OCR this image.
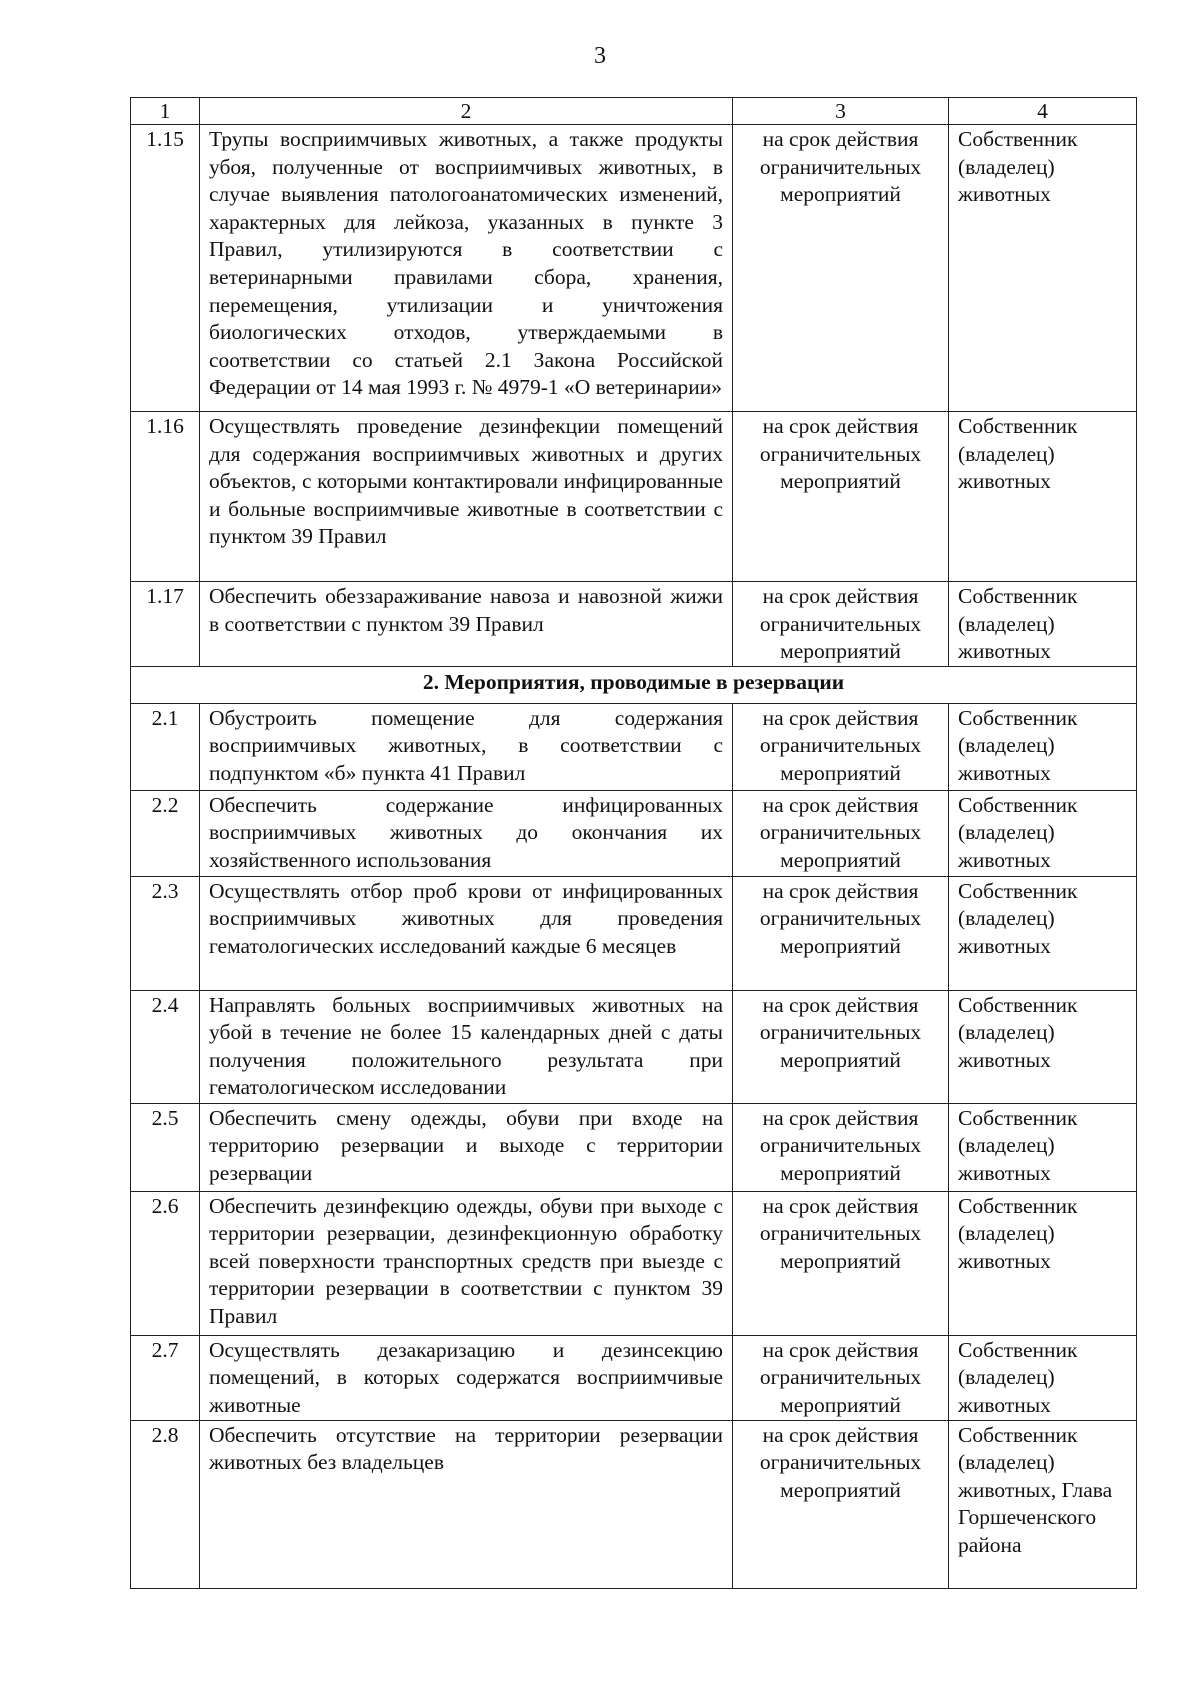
3
1	2	3	4
1.15	Трупы восприимчивых животных, а также продукты убоя, полученные от восприимчивых животных, в случае выявления патологоанатомических изменений, характерных для лейкоза, указанных в пункте 3 Правил, утилизируются в соответствии с ветеринарными правилами сбора, хранения, перемещения, утилизации и уничтожения биологических отходов, утверждаемыми в соответствии со статьей 2.1 Закона Российской Федерации от 14 мая 1993 г. № 4979-1 «О ветеринарии»	на срок действия ограничительных мероприятий	Собственник (владелец) животных
1.16	Осуществлять проведение дезинфекции помещений для содержания восприимчивых животных и других объектов, с которыми контактировали инфицированные и больные восприимчивые животные в соответствии с пунктом 39 Правил	на срок действия ограничительных мероприятий	Собственник (владелец) животных
1.17	Обеспечить обеззараживание навоза и навозной жижи в соответствии с пунктом 39 Правил	на срок действия ограничительных мероприятий	Собственник (владелец) животных
2. Мероприятия, проводимые в резервации			
2.1	Обустроить помещение для содержания восприимчивых животных, в соответствии с подпунктом «б» пункта 41 Правил	на срок действия ограничительных мероприятий	Собственник (владелец) животных
2.2	Обеспечить содержание инфицированных восприимчивых животных до окончания их хозяйственного использования	на срок действия ограничительных мероприятий	Собственник (владелец) животных
2.3	Осуществлять отбор проб крови от инфицированных восприимчивых животных для проведения гематологических исследований каждые 6 месяцев	на срок действия ограничительных мероприятий	Собственник (владелец) животных
2.4	Направлять больных восприимчивых животных на убой в течение не более 15 календарных дней с даты получения положительного результата при гематологическом исследовании	на срок действия ограничительных мероприятий	Собственник (владелец) животных
2.5	Обеспечить смену одежды, обуви при входе на территорию резервации и выходе с территории резервации	на срок действия ограничительных мероприятий	Собственник (владелец) животных
2.6	Обеспечить дезинфекцию одежды, обуви при выходе с территории резервации, дезинфекционную обработку всей поверхности транспортных средств при выезде с территории резервации в соответствии с пунктом 39 Правил	на срок действия ограничительных мероприятий	Собственник (владелец) животных
2.7	Осуществлять дезакаризацию и дезинсекцию помещений, в которых содержатся восприимчивые животные	на срок действия ограничительных мероприятий	Собственник (владелец) животных
2.8	Обеспечить отсутствие на территории резервации животных без владельцев	на срок действия ограничительных мероприятий	Собственник (владелец) животных, Глава Горшеченского района
